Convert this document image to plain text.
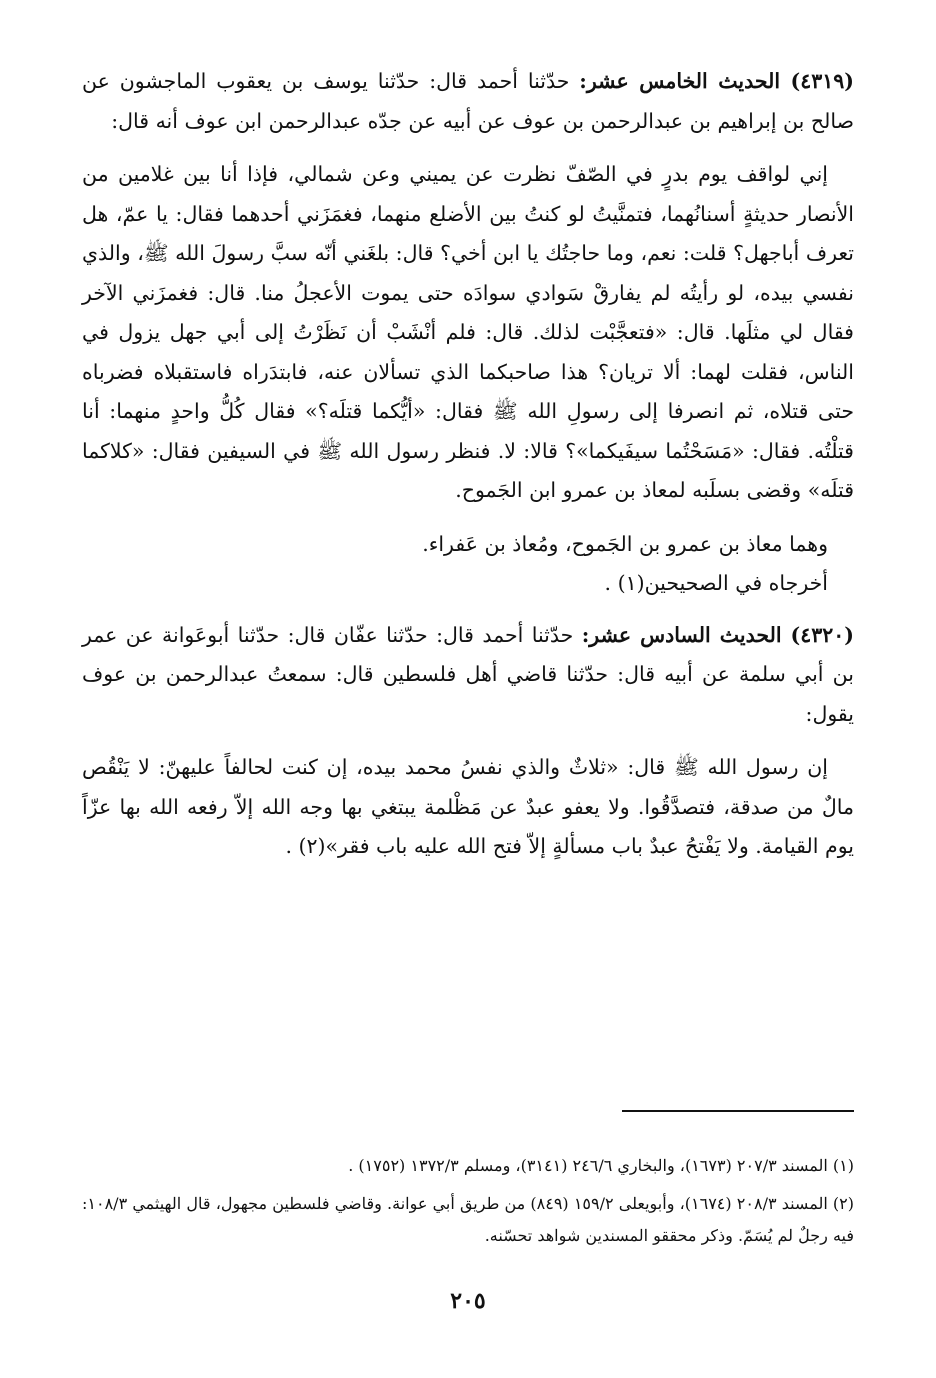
(٤٣١٩) الحديث الخامس عشر: حدّثنا أحمد قال: حدّثنا يوسف بن يعقوب الماجشون عن صالح بن إبراهيم بن عبدالرحمن بن عوف عن أبيه عن جدّه عبدالرحمن ابن عوف أنه قال:

إني لواقف يوم بدرٍ في الصّفّ نظرت عن يميني وعن شمالي، فإذا أنا بين غلامين من الأنصار حديثةٍ أسنانُهما، فتمنَّيتُ لو كنتُ بين الأضلع منهما، فغمَزَني أحدهما فقال: يا عمّ، هل تعرف أباجهل؟ قلت: نعم، وما حاجتُك يا ابن أخي؟ قال: بلغَني أنّه سبَّ رسولَ الله ﷺ، والذي نفسي بيده، لو رأيتُه لم يفارقْ سَوادي سوادَه حتى يموت الأعجلُ منا. قال: فغمزَني الآخر فقال لي مثلَها. قال: «فتعجَّبْت لذلك. قال: فلم أنْشَبْ أن نَظَرْتُ إلى أبي جهل يزول في الناس، فقلت لهما: ألا تريان؟ هذا صاحبكما الذي تسألان عنه، فابتدَراه فاستقبلاه فضرباه حتى قتلاه، ثم انصرفا إلى رسولِ الله ﷺ فقال: «أيُّكما قتلَه؟» فقال كُلُّ واحدٍ منهما: أنا قتلْتُه. فقال: «مَسَحْتُما سيفَيكما»؟ قالا: لا. فنظر رسول الله ﷺ في السيفين فقال: «كلاكما قتلَه» وقضى بسلَبه لمعاذ بن عمرو ابن الجَموح.

وهما معاذ بن عمرو بن الجَموح، ومُعاذ بن عَفراء.

أخرجاه في الصحيحين(١) .

(٤٣٢٠) الحديث السادس عشر: حدّثنا أحمد قال: حدّثنا عفّان قال: حدّثنا أبوعَوانة عن عمر بن أبي سلمة عن أبيه قال: حدّثنا قاضي أهل فلسطين قال: سمعتُ عبدالرحمن بن عوف يقول:

إن رسول الله ﷺ قال: «ثلاثٌ والذي نفسُ محمد بيده، إن كنت لحالفاً عليهنّ: لا يَنْقُص مالٌ من صدقة، فتصدَّقُوا. ولا يعفو عبدٌ عن مَظْلمة يبتغي بها وجه الله إلاّ رفعه الله بها عزّاً يوم القيامة. ولا يَفْتحُ عبدٌ باب مسألةٍ إلاّ فتح الله عليه باب فقر»(٢) .

(١) المسند ٢٠٧/٣ (١٦٧٣)، والبخاري ٢٤٦/٦ (٣١٤١)، ومسلم ١٣٧٢/٣ (١٧٥٢) .

(٢) المسند ٢٠٨/٣ (١٦٧٤)، وأبويعلى ١٥٩/٢ (٨٤٩) من طريق أبي عوانة. وقاضي فلسطين مجهول، قال الهيثمي ١٠٨/٣: فيه رجلٌ لم يُسَمّ. وذكر محققو المسندين شواهد تحسّنه.

٢٠٥
